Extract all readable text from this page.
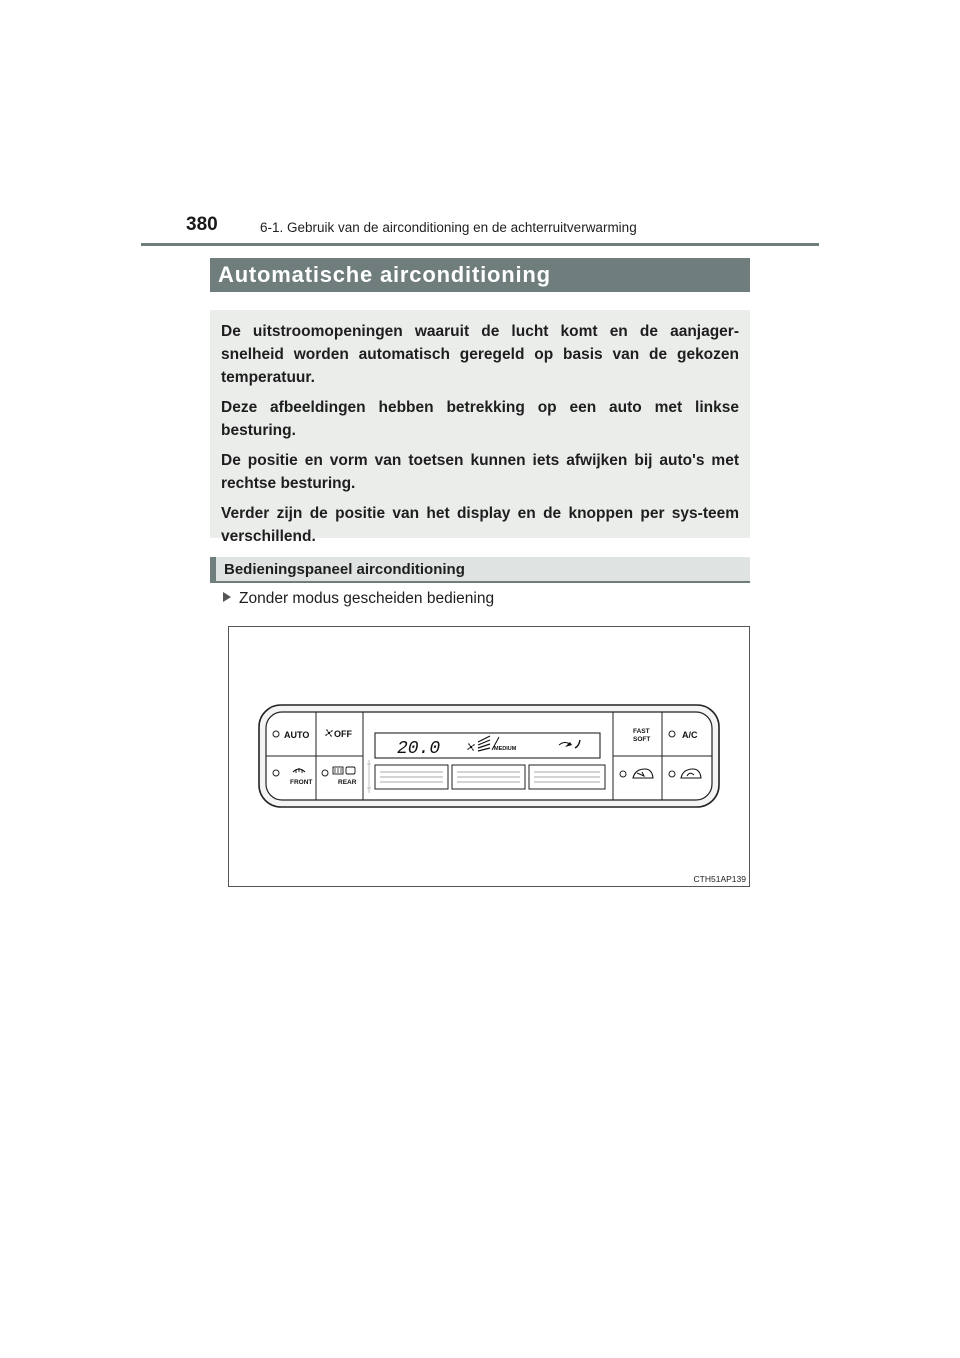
380	6-1. Gebruik van de airconditioning en de achterruitverwarming
Automatische airconditioning

De uitstroomopeningen waaruit de lucht komt en de aanjager-snelheid worden automatisch geregeld op basis van de gekozen temperatuur.

Deze afbeeldingen hebben betrekking op een auto met linkse besturing.

De positie en vorm van toetsen kunnen iets afwijken bij auto's met rechtse besturing.

Verder zijn de positie van het display en de knoppen per sys-teem verschillend.

Bedieningspaneel airconditioning
Zonder modus gescheiden bediening
AUTO	OFF
FRONT	REAR
20.0	MEDIUM
FAST
SOFT	A/C
CTH51AP139
